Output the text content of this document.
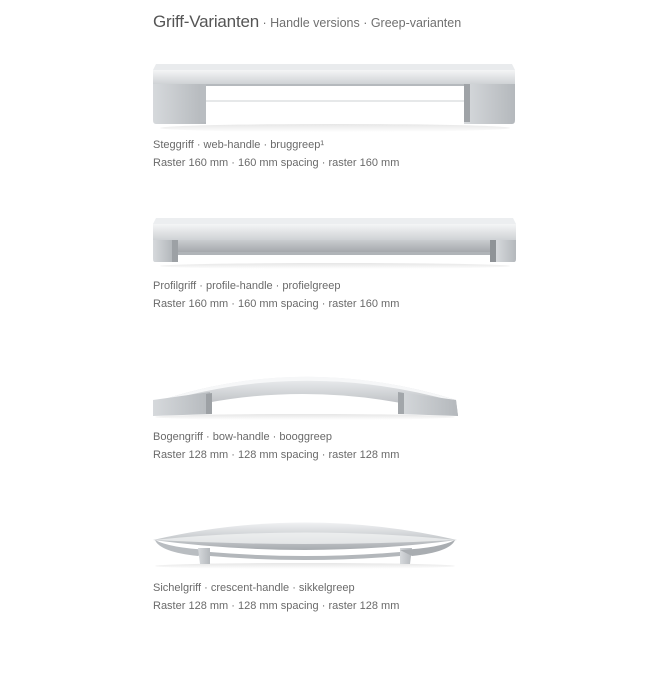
Griff-Varianten · Handle versions · Greep-varianten
Steggriff · web-handle · bruggreep¹
Raster 160 mm · 160 mm spacing · raster 160 mm
Profilgriff · profile-handle · profielgreep
Raster 160 mm · 160 mm spacing · raster 160 mm
Bogengriff · bow-handle · booggreep
Raster 128 mm · 128 mm spacing · raster 128 mm
Sichelgriff · crescent-handle · sikkelgreep
Raster 128 mm · 128 mm spacing · raster 128 mm
